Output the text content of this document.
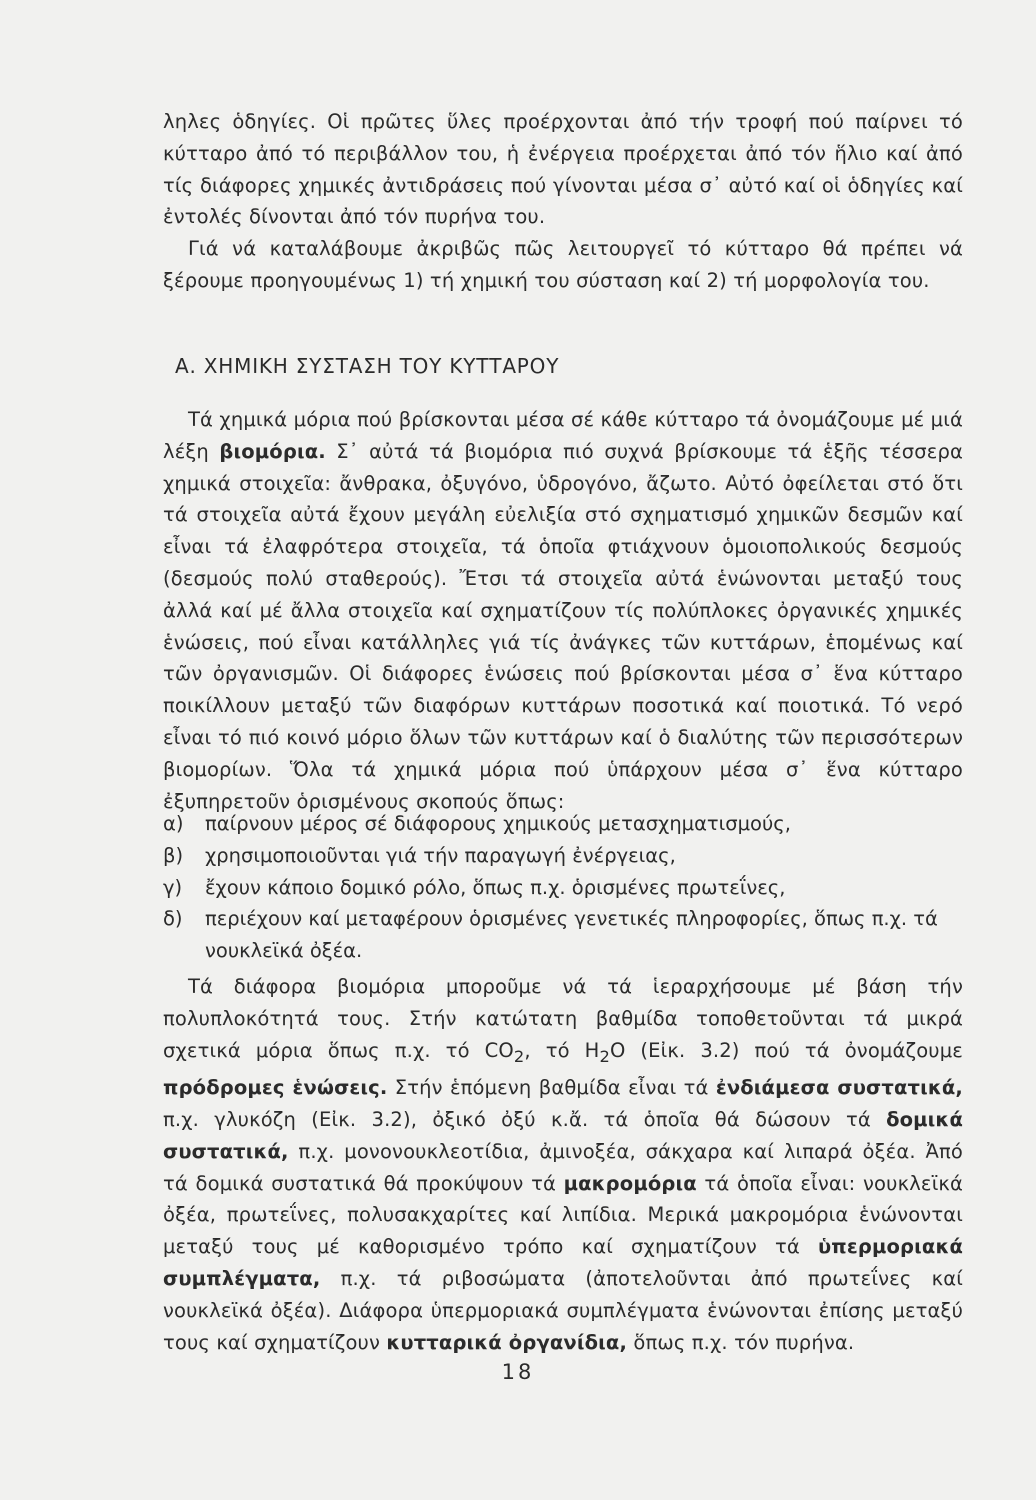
ληλες ὁδηγίες. Οἱ πρῶτες ὕλες προέρχονται ἀπό τήν τροφή πού παίρνει τό κύτταρο ἀπό τό περιβάλλον του, ἡ ἐνέργεια προέρχεται ἀπό τόν ἥλιο καί ἀπό τίς διάφορες χημικές ἀντιδράσεις πού γίνονται μέσα σ᾽ αὐτό καί οἱ ὁδηγίες καί ἐντολές δίνονται ἀπό τόν πυρήνα του.

Γιά νά καταλάβουμε ἀκριβῶς πῶς λειτουργεῖ τό κύτταρο θά πρέπει νά ξέρουμε προηγουμένως 1) τή χημική του σύσταση καί 2) τή μορφολογία του.

Α. ΧΗΜΙΚΗ ΣΥΣΤΑΣΗ ΤΟΥ ΚΥΤΤΑΡΟΥ

Τά χημικά μόρια πού βρίσκονται μέσα σέ κάθε κύτταρο τά ὀνομάζουμε μέ μιά λέξη βιομόρια. Σ᾽ αὐτά τά βιομόρια πιό συχνά βρίσκουμε τά ἑξῆς τέσσερα χημικά στοιχεῖα: ἄνθρακα, ὀξυγόνο, ὑδρογόνο, ἄζωτο. Αὐτό ὀφείλεται στό ὅτι τά στοιχεῖα αὐτά ἔχουν μεγάλη εὐελιξία στό σχηματισμό χημικῶν δεσμῶν καί εἶναι τά ἐλαφρότερα στοιχεῖα, τά ὁποῖα φτιάχνουν ὁμοιοπολικούς δεσμούς (δεσμούς πολύ σταθερούς). Ἔτσι τά στοιχεῖα αὐτά ἑνώνονται μεταξύ τους ἀλλά καί μέ ἄλλα στοιχεῖα καί σχηματίζουν τίς πολύπλοκες ὀργανικές χημικές ἑνώσεις, πού εἶναι κατάλληλες γιά τίς ἀνάγκες τῶν κυττάρων, ἑπομένως καί τῶν ὀργανισμῶν. Οἱ διάφορες ἑνώσεις πού βρίσκονται μέσα σ᾽ ἕνα κύτταρο ποικίλλουν μεταξύ τῶν διαφόρων κυττάρων ποσοτικά καί ποιοτικά. Τό νερό εἶναι τό πιό κοινό μόριο ὅλων τῶν κυττάρων καί ὁ διαλύτης τῶν περισσότερων βιομορίων. Ὅλα τά χημικά μόρια πού ὑπάρχουν μέσα σ᾽ ἕνα κύτταρο ἐξυπηρετοῦν ὁρισμένους σκοπούς ὅπως:

α)	παίρνουν μέρος σέ διάφορους χημικούς μετασχηματισμούς,
β)	χρησιμοποιοῦνται γιά τήν παραγωγή ἐνέργειας,
γ)	ἔχουν κάποιο δομικό ρόλο, ὅπως π.χ. ὁρισμένες πρωτεΐνες,
δ)	περιέχουν καί μεταφέρουν ὁρισμένες γενετικές πληροφορίες, ὅπως π.χ. τά νουκλεϊκά ὀξέα.

Τά διάφορα βιομόρια μποροῦμε νά τά ἱεραρχήσουμε μέ βάση τήν πολυπλοκότητά τους. Στήν κατώτατη βαθμίδα τοποθετοῦνται τά μικρά σχετικά μόρια ὅπως π.χ. τό $CO_2$, τό $H_2O$ (Εἰκ. 3.2) πού τά ὀνομάζουμε πρόδρομες ἑνώσεις. Στήν ἑπόμενη βαθμίδα εἶναι τά ἐνδιάμεσα συστατικά, π.χ. γλυκόζη (Εἰκ. 3.2), ὀξικό ὀξύ κ.ἄ. τά ὁποῖα θά δώσουν τά δομικά συστατικά, π.χ. μονονουκλεοτίδια, ἀμινοξέα, σάκχαρα καί λιπαρά ὀξέα. Ἀπό τά δομικά συστατικά θά προκύψουν τά μακρομόρια τά ὁποῖα εἶναι: νουκλεϊκά ὀξέα, πρωτεΐνες, πολυσακχαρίτες καί λιπίδια. Μερικά μακρομόρια ἑνώνονται μεταξύ τους μέ καθορισμένο τρόπο καί σχηματίζουν τά ὑπερμοριακά συμπλέγματα, π.χ. τά ριβοσώματα (ἀποτελοῦνται ἀπό πρωτεΐνες καί νουκλεϊκά ὀξέα). Διάφορα ὑπερμοριακά συμπλέγματα ἑνώνονται ἐπίσης μεταξύ τους καί σχηματίζουν κυτταρικά ὀργανίδια, ὅπως π.χ. τόν πυρήνα.

18
